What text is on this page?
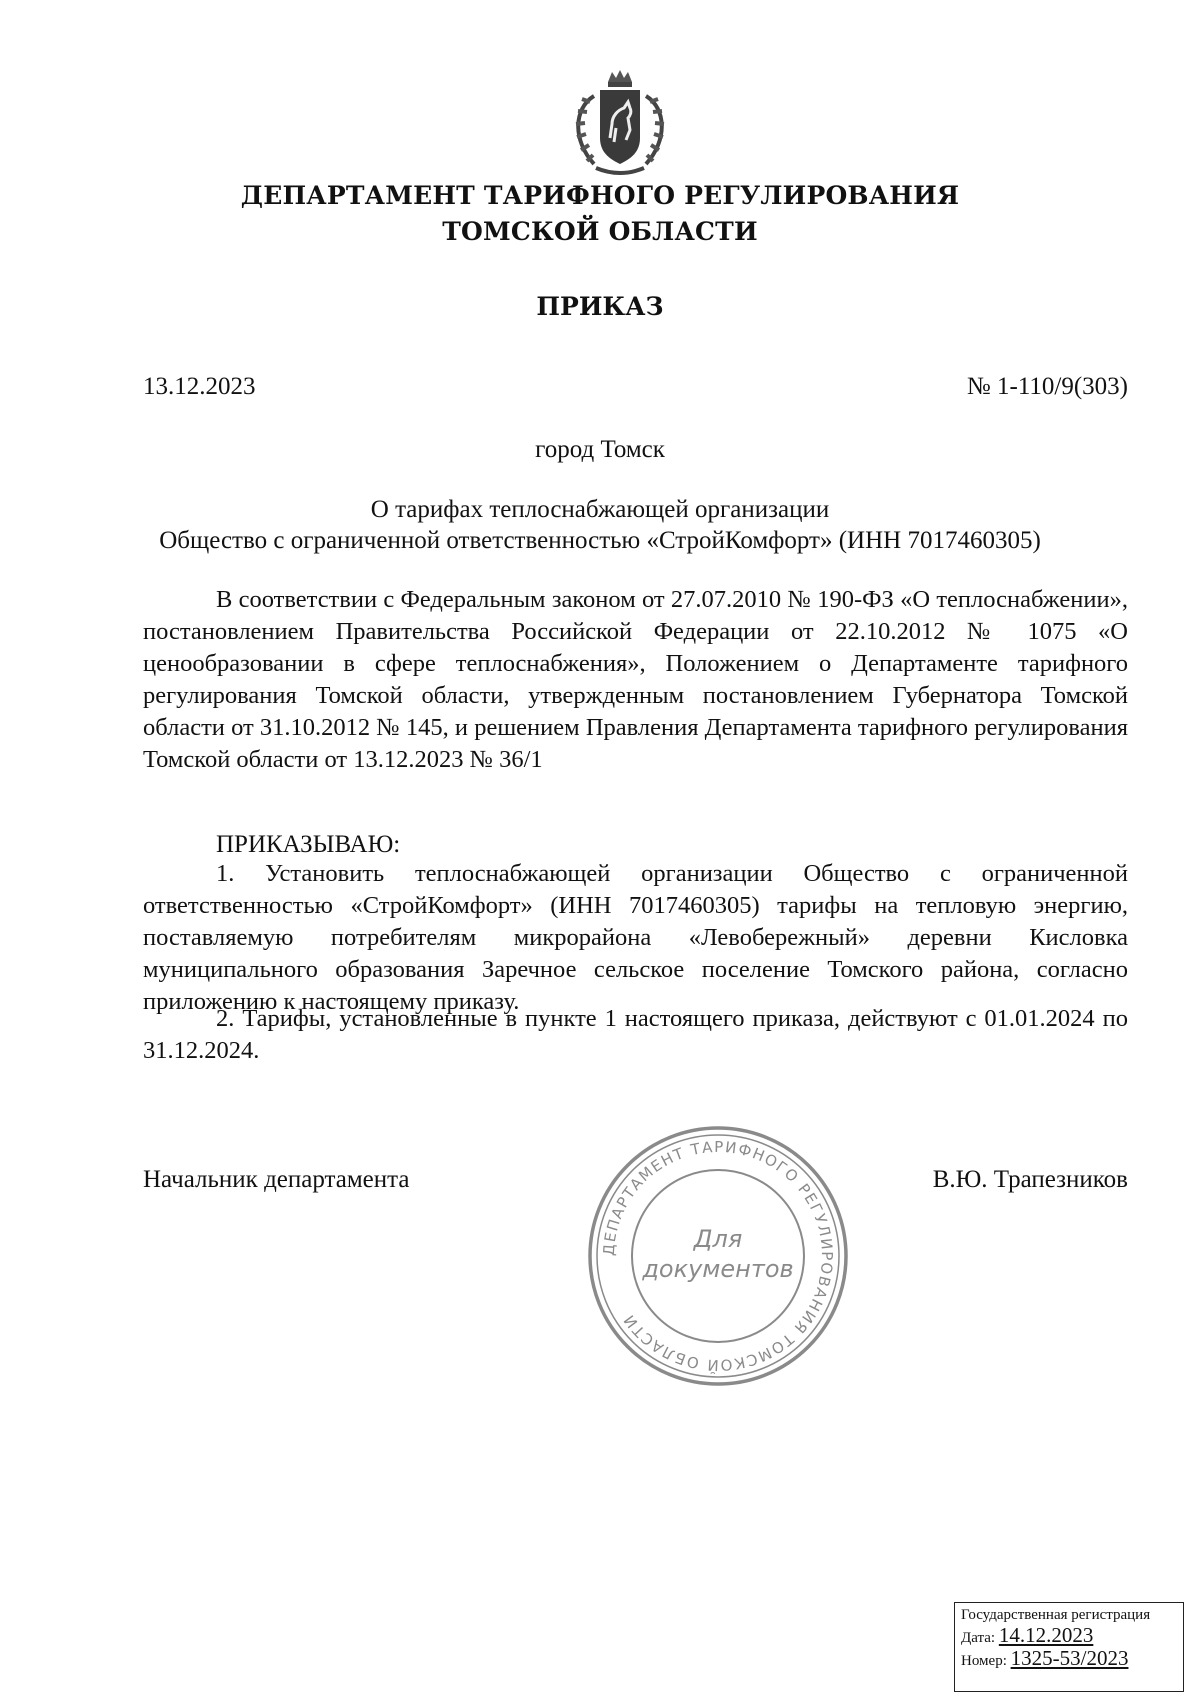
ДЕПАРТАМЕНТ ТАРИФНОГО РЕГУЛИРОВАНИЯ
ТОМСКОЙ ОБЛАСТИ
ПРИКАЗ
13.12.2023	№ 1-110/9(303)
город Томск
О тарифах теплоснабжающей организации
Общество с ограниченной ответственностью «СтройКомфорт» (ИНН 7017460305)

В соответствии с Федеральным законом от 27.07.2010 № 190-ФЗ «О теплоснабжении», постановлением Правительства Российской Федерации от 22.10.2012 № 1075 «О ценообразовании в сфере теплоснабжения», Положением о Департаменте тарифного регулирования Томской области, утвержденным постановлением Губернатора Томской области от 31.10.2012 № 145, и решением Правления Департамента тарифного регулирования Томской области от 13.12.2023 № 36/1

ПРИКАЗЫВАЮ:

1. Установить теплоснабжающей организации Общество с ограниченной ответственностью «СтройКомфорт» (ИНН 7017460305) тарифы на тепловую энергию, поставляемую потребителям микрорайона «Левобережный» деревни Кисловка муниципального образования Заречное сельское поселение Томского района, согласно приложению к настоящему приказу.

2. Тарифы, установленные в пункте 1 настоящего приказа, действуют с 01.01.2024 по 31.12.2024.

Начальник департамента	В.Ю. Трапезников
ДЕПАРТАМЕНТ ТАРИФНОГО РЕГУЛИРОВАНИЯ ТОМСКОЙ ОБЛАСТИ
Для
документов
Государственная регистрация
Дата: 14.12.2023
Номер: 1325-53/2023
